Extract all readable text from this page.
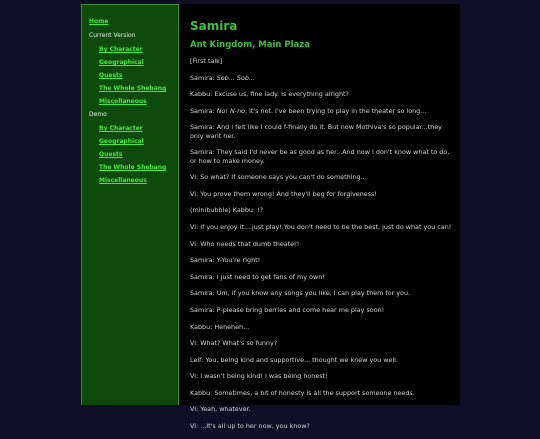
Home
Current Version
By Character
Geographical
Quests
The Whole Shebang
Miscellaneous
Demo
By Character
Geographical
Quests
The Whole Shebang
Miscellaneous
Samira
Ant Kingdom, Main Plaza

[First talk]

Samira: Sob... Sob...

Kabbu: Excuse us, fine lady. Is everything alright?

Samira: No! N-no, it's not. I've been trying to play in the theater so long...

Samira: And I felt like I could f-finally do it. But now Mothiva's so popular...they only want her.

Samira: They said I'd never be as good as her...And now I don't know what to do, or how to make money.

Vi: So what? If someone says you can't do something..

Vi: You prove them wrong! And they'll beg for forgiveness!

(minibubble) Kabbu: !?

Vi: If you enjoy it....just play! You don't need to be the best, just do what you can!

Vi: Who needs that dumb theater!

Samira: Y-You're right!

Samira: I just need to get fans of my own!

Samira: Um, if you know any songs you like, I can play them for you.

Samira: P-please bring berries and come hear me play soon!

Kabbu: Heheheh...

Vi: What? What's so funny?

Leif: You, being kind and supportive... thought we knew you well.

Vi: I wasn't being kind! I was being honest!

Kabbu: Sometimes, a bit of honesty is all the support someone needs.

Vi: Yeah, whatever.

Vi: ...It's all up to her now, you know?
